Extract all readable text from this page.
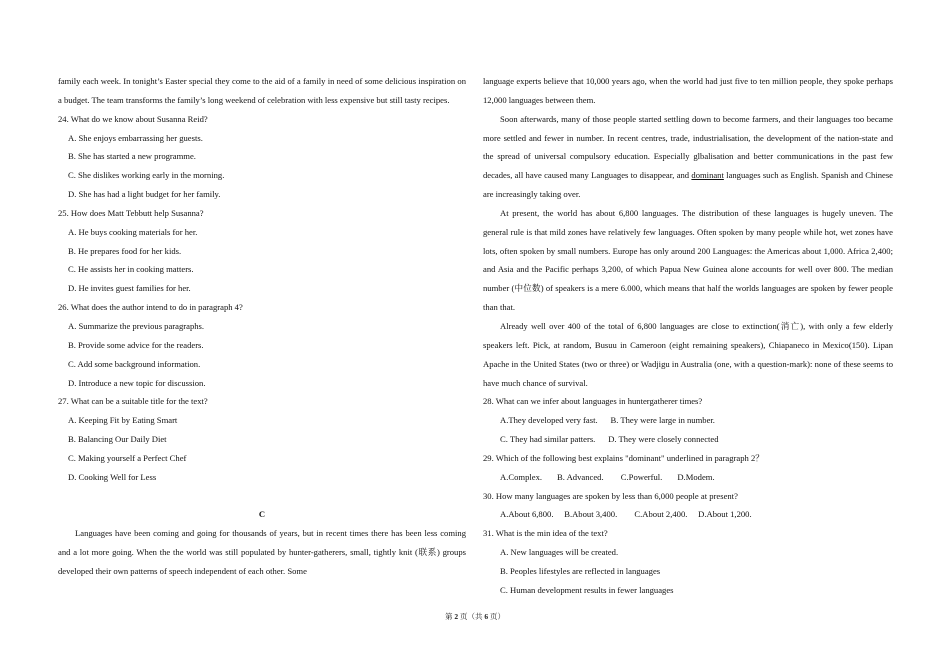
family each week. In tonight’s Easter special they come to the aid of a family in need of some delicious inspiration on a budget. The team transforms the family’s long weekend of celebration with less expensive but still tasty recipes.

24. What do we know about Susanna Reid?

A. She enjoys embarrassing her guests.

B. She has started a new programme.

C. She dislikes working early in the morning.

D. She has had a light budget for her family.

25. How does Matt Tebbutt help Susanna?

A. He buys cooking materials for her.

B. He prepares food for her kids.

C. He assists her in cooking matters.

D. He invites guest families for her.

26. What does the author intend to do in paragraph 4?

A. Summarize the previous paragraphs.

B. Provide some advice for the readers.

C. Add some background information.

D. Introduce a new topic for discussion.

27. What can be a suitable title for the text?

A. Keeping Fit by Eating Smart

B. Balancing Our Daily Diet

C. Making yourself a Perfect Chef

D. Cooking Well for Less

C

Languages have been coming and going for thousands of years, but in recent times there has been less coming and a lot more going. When the the world was still populated by hunter-gatherers, small, tightly knit (联系) groups developed their own patterns of speech independent of each other. Some

language experts believe that 10,000 years ago, when the world had just five to ten million people, they spoke perhaps 12,000 languages between them.

Soon afterwards, many of those people started settling down to become farmers, and their languages too became more settled and fewer in number. In recent centres, trade, industrialisation, the development of the nation-state and the spread of universal compulsory education. Especially glbalisation and better communications in the past few decades, all have caused many Languages to disappear, and dominant languages such as English. Spanish and Chinese are increasingly taking over.

At present, the world has about 6,800 languages. The distribution of these languages is hugely uneven. The general rule is that mild zones have relatively few languages. Often spoken by many people while hot, wet zones have lots, often spoken by small numbers. Europe has only around 200 Languages: the Americas about 1,000. Africa 2,400; and Asia and the Pacific perhaps 3,200, of which Papua New Guinea alone accounts for well over 800. The median number (中位数) of speakers is a mere 6.000, which means that half the worlds languages are spoken by fewer people than that.

Already well over 400 of the total of 6,800 languages are close to extinction(消亡), with only a few elderly speakers left. Pick, at random, Busuu in Cameroon (eight remaining speakers), Chiapaneco in Mexico(150). Lipan Apache in the United States (two or three) or Wadjigu in Australia (one, with a question-mark): none of these seems to have much chance of survival.

28. What can we infer about languages in huntergatherer times?

A.They developed very fast.      B. They were large in number.

C. They had similar patters.      D. They were closely connected

29. Which of the following best explains "dominant" underlined in paragraph 2？

A.Complex.       B. Advanced.        C.Powerful.       D.Modem.

30. How many languages are spoken by less than 6,000 people at present?

A.About 6,800.     B.About 3,400.        C.About 2,400.     D.About 1,200.

31. What is the min idea of the text?

A. New languages will be created.

B. Peoples lifestyles are reflected in languages

C. Human development results in fewer languages

第 2 页（共 6 页）
